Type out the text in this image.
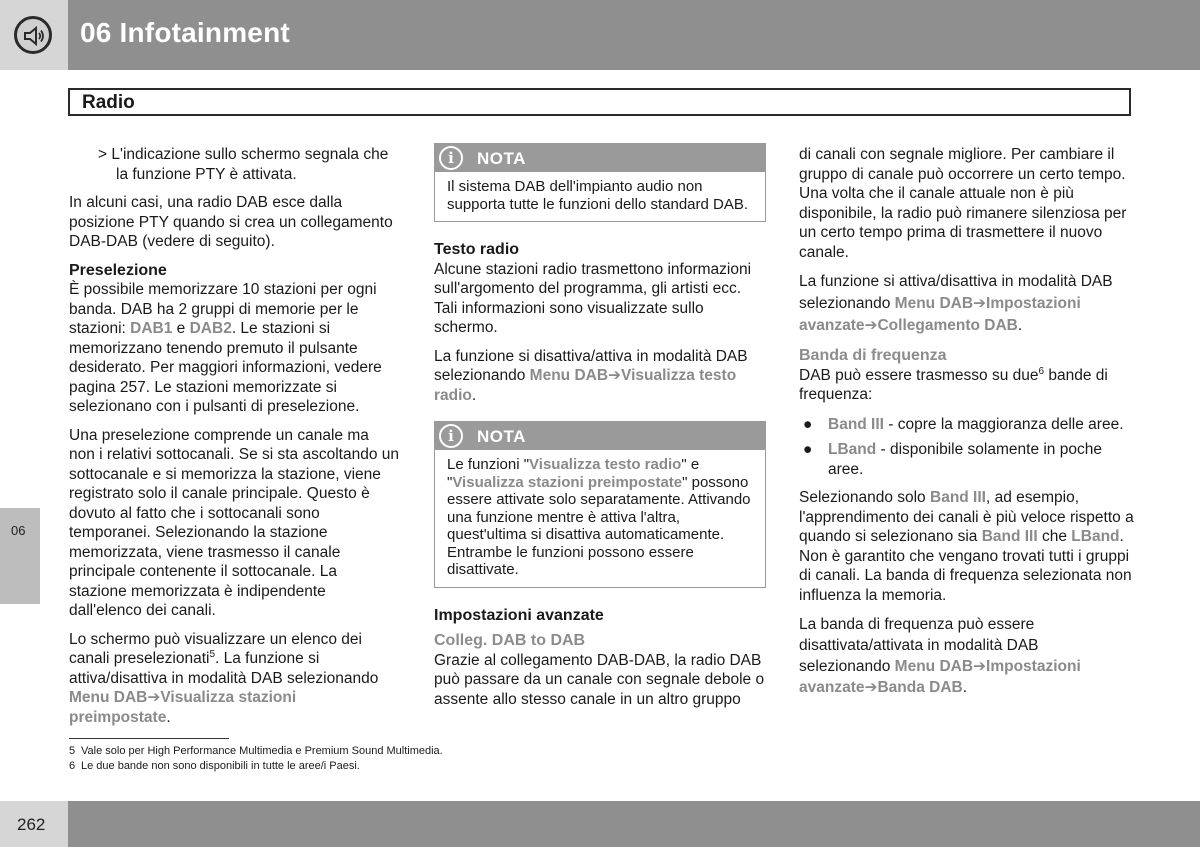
06 Infotainment
Radio
06
> L'indicazione sullo schermo segnala che la funzione PTY è attivata.
In alcuni casi, una radio DAB esce dalla posizione PTY quando si crea un collegamento DAB-DAB (vedere di seguito).
Preselezione
È possibile memorizzare 10 stazioni per ogni banda. DAB ha 2 gruppi di memorie per le stazioni: DAB1 e DAB2. Le stazioni si memorizzano tenendo premuto il pulsante desiderato. Per maggiori informazioni, vedere pagina 257. Le stazioni memorizzate si selezionano con i pulsanti di preselezione.
Una preselezione comprende un canale ma non i relativi sottocanali. Se si sta ascoltando un sottocanale e si memorizza la stazione, viene registrato solo il canale principale. Questo è dovuto al fatto che i sottocanali sono temporanei. Selezionando la stazione memorizzata, viene trasmesso il canale principale contenente il sottocanale. La stazione memorizzata è indipendente dall'elenco dei canali.
Lo schermo può visualizzare un elenco dei canali preselezionati$^5$. La funzione si attiva/disattiva in modalità DAB selezionando Menu DAB➔Visualizza stazioni preimpostate.
i	NOTA
Il sistema DAB dell'impianto audio non supporta tutte le funzioni dello standard DAB.
Testo radio
Alcune stazioni radio trasmettono informazioni sull'argomento del programma, gli artisti ecc. Tali informazioni sono visualizzate sullo schermo.
La funzione si disattiva/attiva in modalità DAB selezionando Menu DAB➔Visualizza testo radio.
i	NOTA
Le funzioni "Visualizza testo radio" e "Visualizza stazioni preimpostate" possono essere attivate solo separatamente. Attivando una funzione mentre è attiva l'altra, quest'ultima si disattiva automaticamente. Entrambe le funzioni possono essere disattivate.
Impostazioni avanzate
Colleg. DAB to DAB
Grazie al collegamento DAB-DAB, la radio DAB può passare da un canale con segnale debole o assente allo stesso canale in un altro gruppo
di canali con segnale migliore. Per cambiare il gruppo di canale può occorrere un certo tempo. Una volta che il canale attuale non è più disponibile, la radio può rimanere silenziosa per un certo tempo prima di trasmettere il nuovo canale.
La funzione si attiva/disattiva in modalità DAB selezionando Menu DAB➔Impostazioni avanzate➔Collegamento DAB.
Banda di frequenza
DAB può essere trasmesso su due$^6$ bande di frequenza:
● Band III - copre la maggioranza delle aree.
● LBand - disponibile solamente in poche aree.
Selezionando solo Band III, ad esempio, l'apprendimento dei canali è più veloce rispetto a quando si selezionano sia Band III che LBand. Non è garantito che vengano trovati tutti i gruppi di canali. La banda di frequenza selezionata non influenza la memoria.
La banda di frequenza può essere disattivata/attivata in modalità DAB selezionando Menu DAB➔Impostazioni avanzate➔Banda DAB.
5 Vale solo per High Performance Multimedia e Premium Sound Multimedia.
6 Le due bande non sono disponibili in tutte le aree/i Paesi.
262
